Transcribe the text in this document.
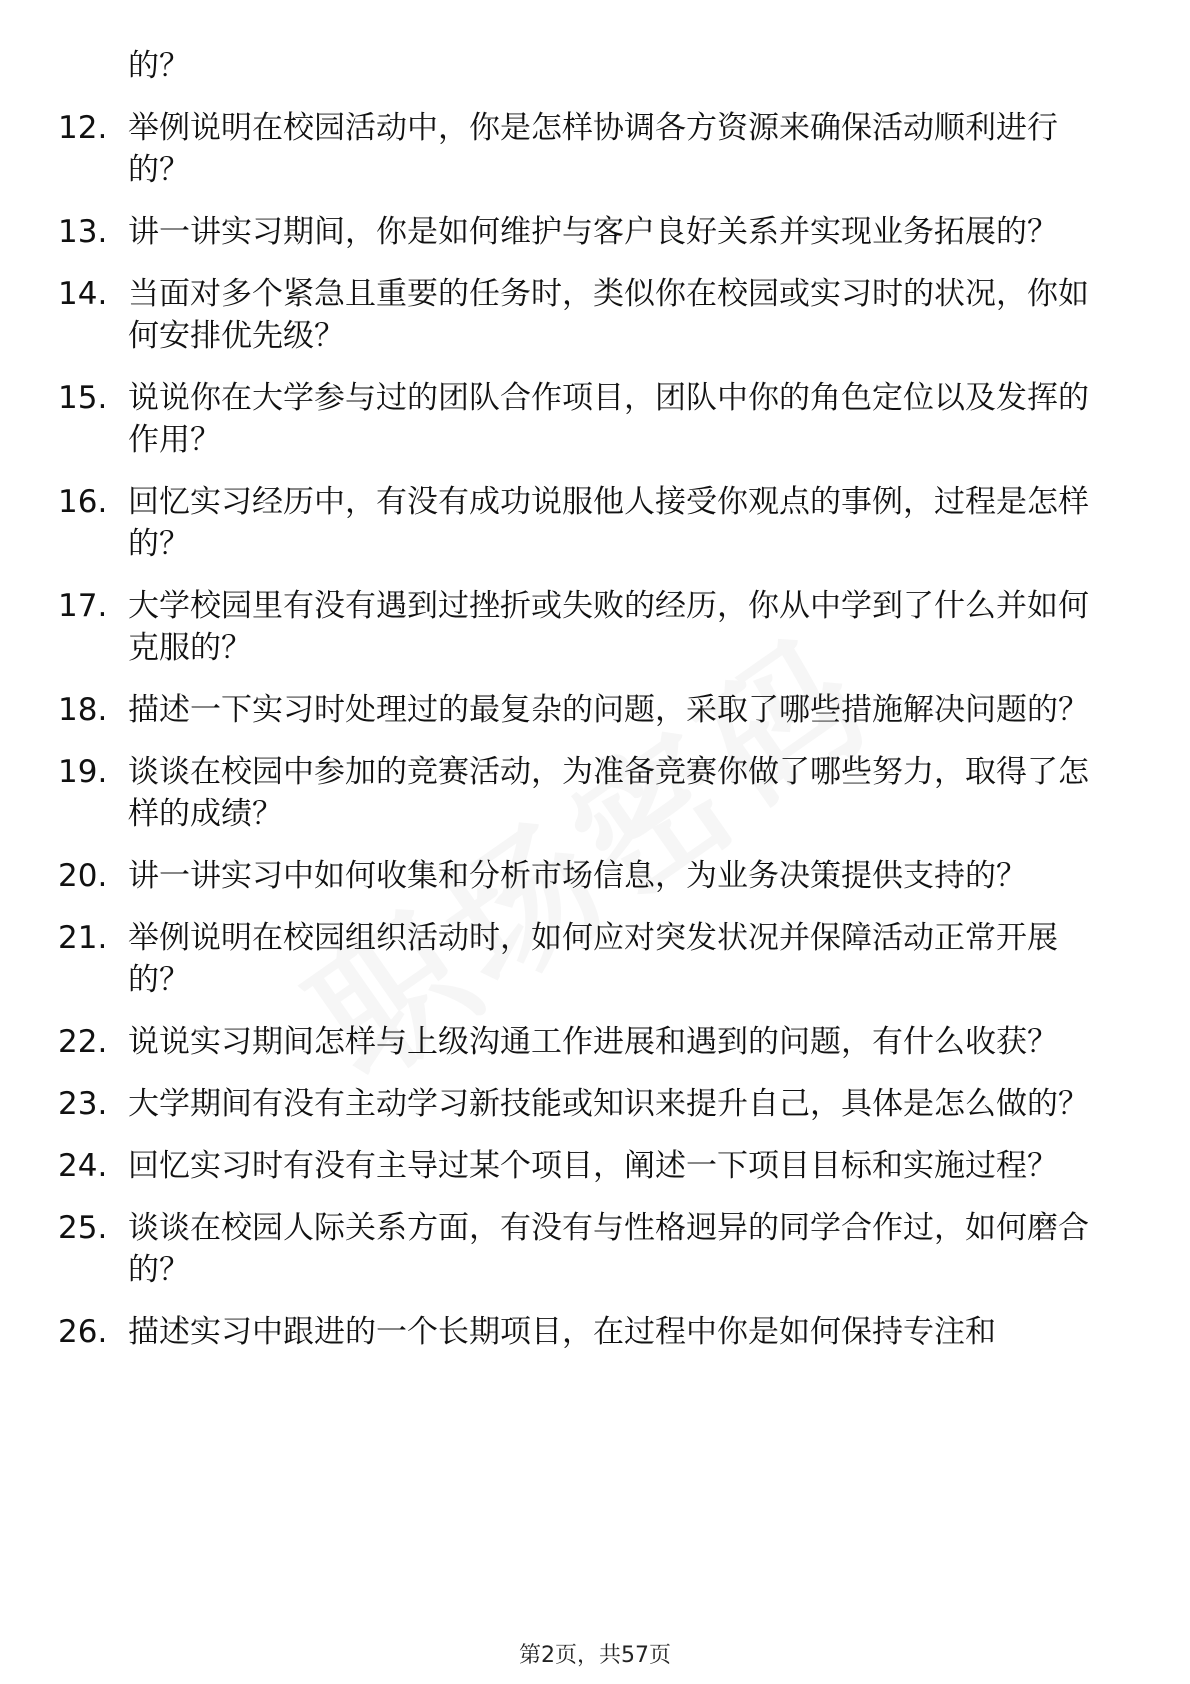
的？
12. 举例说明在校园活动中，你是怎样协调各方资源来确保活动顺利进行的？
13. 讲一讲实习期间，你是如何维护与客户良好关系并实现业务拓展的？
14. 当面对多个紧急且重要的任务时，类似你在校园或实习时的状况，你如何安排优先级？
15. 说说你在大学参与过的团队合作项目，团队中你的角色定位以及发挥的作用？
16. 回忆实习经历中，有没有成功说服他人接受你观点的事例，过程是怎样的？
17. 大学校园里有没有遇到过挫折或失败的经历，你从中学到了什么并如何克服的？
18. 描述一下实习时处理过的最复杂的问题，采取了哪些措施解决问题的？
19. 谈谈在校园中参加的竞赛活动，为准备竞赛你做了哪些努力，取得了怎样的成绩？
20. 讲一讲实习中如何收集和分析市场信息，为业务决策提供支持的？
21. 举例说明在校园组织活动时，如何应对突发状况并保障活动正常开展的？
22. 说说实习期间怎样与上级沟通工作进展和遇到的问题，有什么收获？
23. 大学期间有没有主动学习新技能或知识来提升自己，具体是怎么做的？
24. 回忆实习时有没有主导过某个项目，阐述一下项目目标和实施过程？
25. 谈谈在校园人际关系方面，有没有与性格迥异的同学合作过，如何磨合的？
26. 描述实习中跟进的一个长期项目，在过程中你是如何保持专注和
第2页，共57页
